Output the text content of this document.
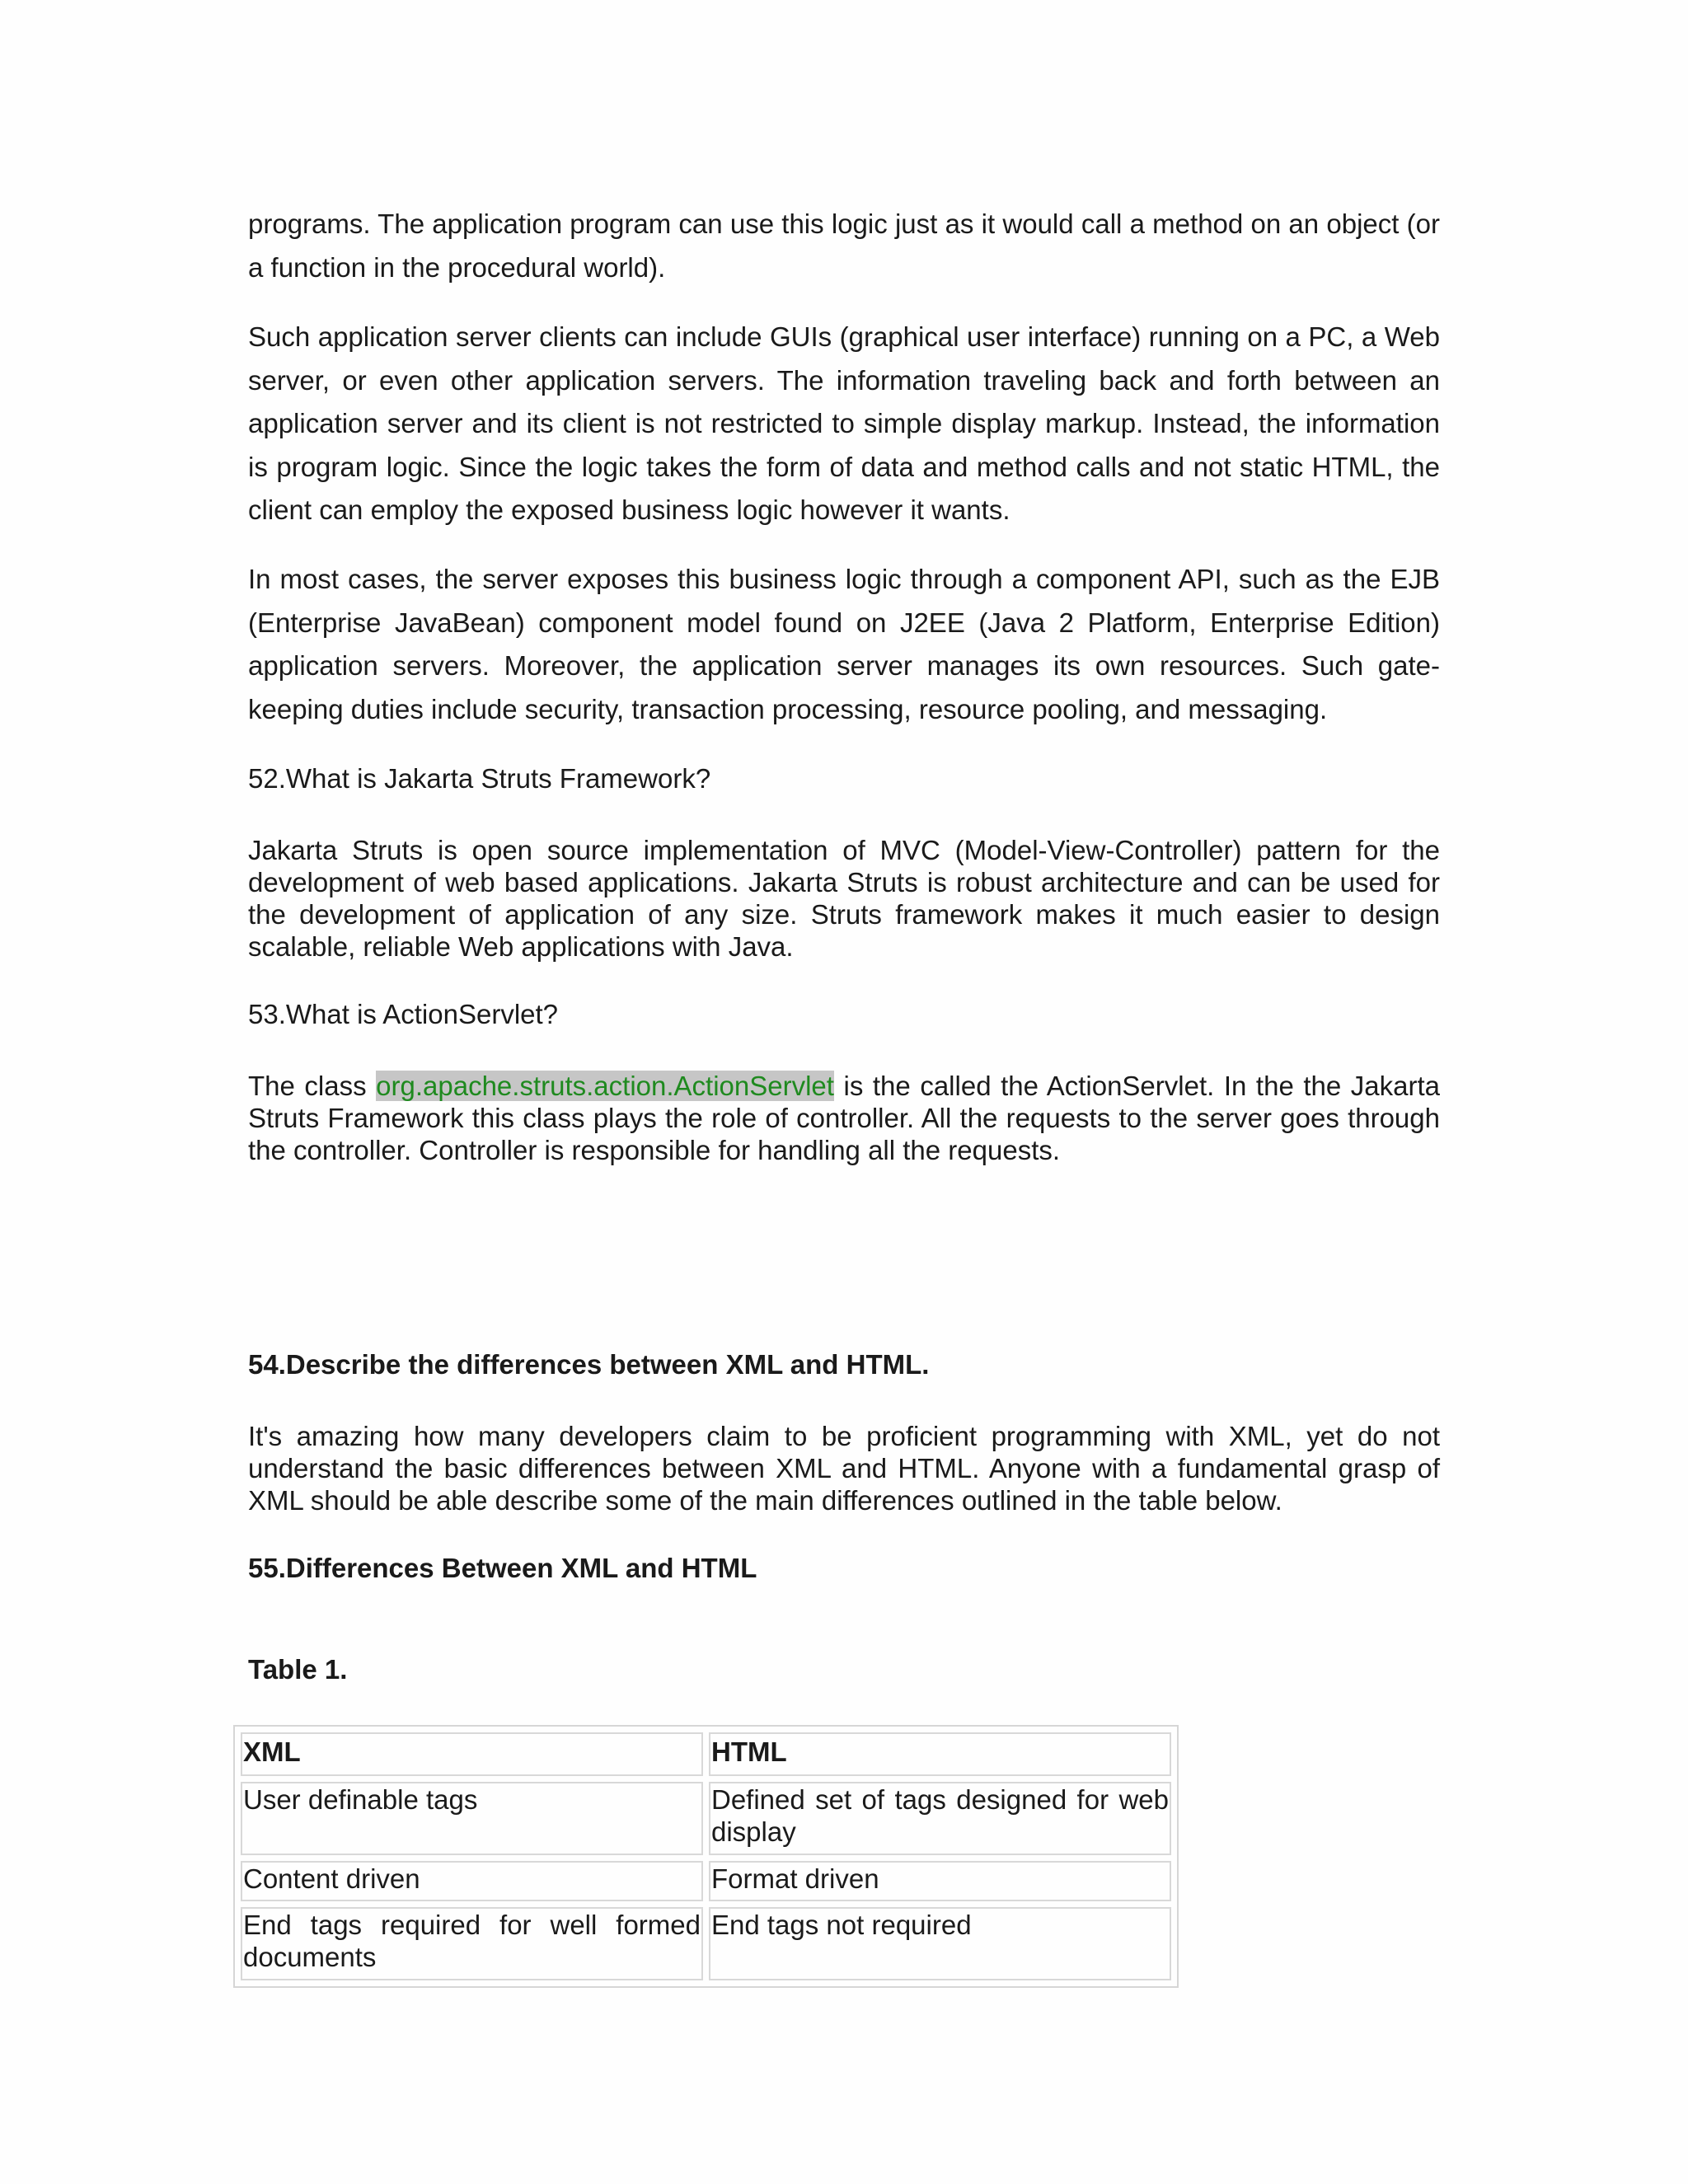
programs. The application program can use this logic just as it would call a method on an object (or a function in the procedural world).

Such application server clients can include GUIs (graphical user interface) running on a PC, a Web server, or even other application servers. The information traveling back and forth between an application server and its client is not restricted to simple display markup. Instead, the information is program logic. Since the logic takes the form of data and method calls and not static HTML, the client can employ the exposed business logic however it wants.

In most cases, the server exposes this business logic through a component API, such as the EJB (Enterprise JavaBean) component model found on J2EE (Java 2 Platform, Enterprise Edition) application servers. Moreover, the application server manages its own resources. Such gate-keeping duties include security, transaction processing, resource pooling, and messaging.

52.What is Jakarta Struts Framework?

Jakarta Struts is open source implementation of MVC (Model-View-Controller) pattern for the development of web based applications. Jakarta Struts is robust architecture and can be used for the development of application of any size. Struts framework makes it much easier to design scalable, reliable Web applications with Java.

53.What is ActionServlet?

The class org.apache.struts.action.ActionServlet is the called the ActionServlet. In the the Jakarta Struts Framework this class plays the role of controller. All the requests to the server goes through the controller. Controller is responsible for handling all the requests.

54.Describe the differences between XML and HTML.

It's amazing how many developers claim to be proficient programming with XML, yet do not understand the basic differences between XML and HTML. Anyone with a fundamental grasp of XML should be able describe some of the main differences outlined in the table below.

55.Differences Between XML and HTML

Table 1.

XML	HTML
User definable tags	Defined set of tags designed for web display
Content driven	Format driven
End tags required for well formed documents	End tags not required
